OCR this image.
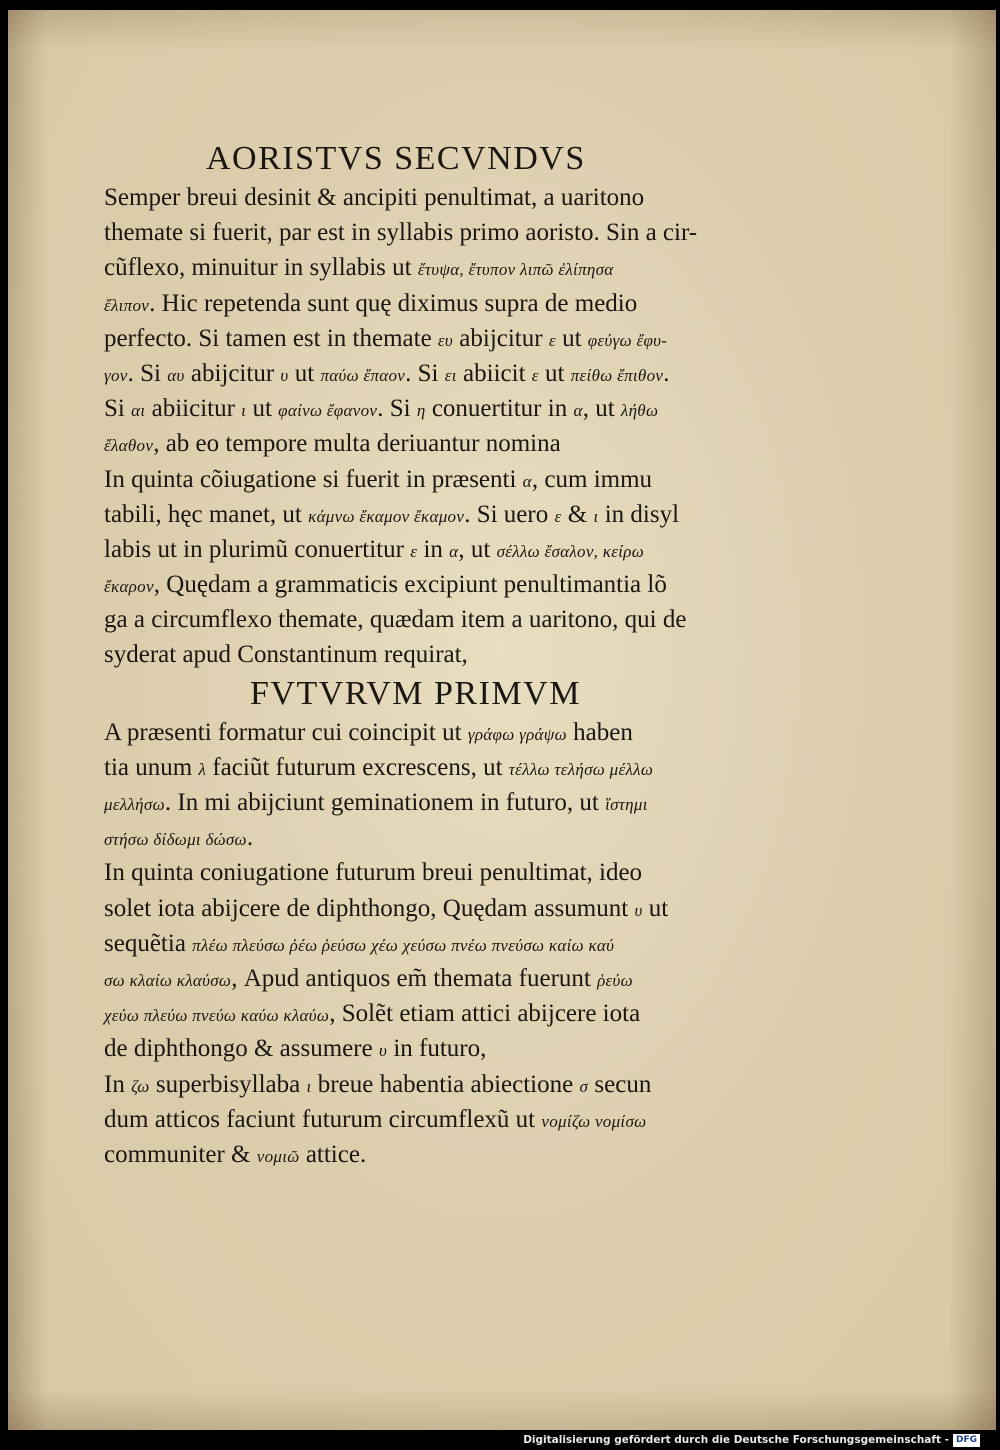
AORISTVS SECVNDVS
Semper breui desinit & ancipiti penultimat, a uaritono
themate si fuerit, par est in syllabis primo aoristo. Sin a cir-
cũflexo, minuitur in syllabis ut ἔτυψα, ἔτυπον λιπῶ ἐλίπησα
ἔλιπον. Hic repetenda sunt quę diximus supra de medio
perfecto. Si tamen est in themate ευ abijcitur ε ut φεύγω ἔφυ-
γον. Si αυ abijcitur υ ut παύω ἔπαον. Si ει abiicit ε ut πείθω ἔπιθον.
Si αι abiicitur ι ut φαίνω ἔφανον. Si η conuertitur in α, ut λήθω
ἔλαθον, ab eo tempore multa deriuantur nomina
In quinta cõiugatione si fuerit in præsenti α, cum immu
tabili, hęc manet, ut κάμνω ἔκαμον ἔκαμον. Si uero ε & ι in disyl
labis ut in plurimũ conuertitur ε in α, ut σέλλω ἔσαλον, κείρω
ἔκαρον, Quędam a grammaticis excipiunt penultimantia lõ
ga a circumflexo themate, quædam item a uaritono, qui de
syderat apud Constantinum requirat,
FVTVRVM PRIMVM
A præsenti formatur cui coincipit ut γράφω γράψω haben
tia unum λ faciũt futurum excrescens, ut τέλλω τελήσω μέλλω
μελλήσω. In mi abijciunt geminationem in futuro, ut ἵστημι
στήσω δίδωμι δώσω.
In quinta coniugatione futurum breui penultimat, ideo
solet iota abijcere de diphthongo, Quędam assumunt υ ut
sequẽtia πλέω πλεύσω ῥέω ῥεύσω χέω χεύσω πνέω πνεύσω καίω καύ
σω κλαίω κλαύσω, Apud antiquos em̃ themata fuerunt ῥεύω
χεύω πλεύω πνεύω καύω κλαύω, Solẽt etiam attici abijcere iota
de diphthongo & assumere υ in futuro,
In ζω superbisyllaba ι breue habentia abiectione σ secun
dum atticos faciunt futurum circumflexũ ut νομίζω νομίσω
communiter & νομιῶ attice.
Digitalisierung gefördert durch die Deutsche Forschungsgemeinschaft - DFG
